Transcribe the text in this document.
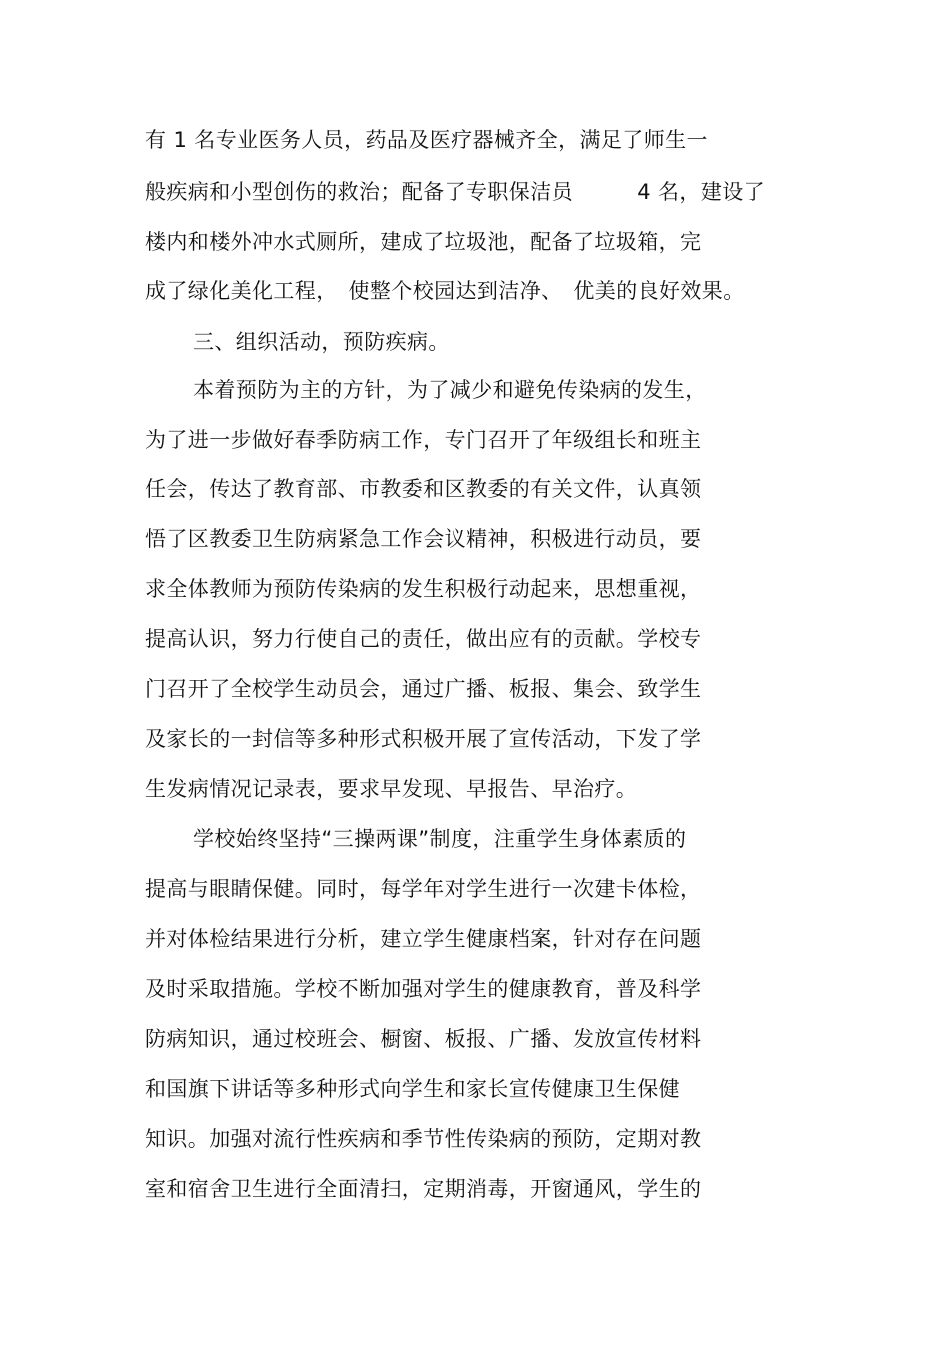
有 1 名专业医务人员，药品及医疗器械齐全，满足了师生一
般疾病和小型创伤的救治；配备了专职保洁员　　　4 名，建设了
楼内和楼外冲水式厕所，建成了垃圾池，配备了垃圾箱，完
成了绿化美化工程，　使整个校园达到洁净、　优美的良好效果。
三、组织活动，预防疾病。
本着预防为主的方针，为了减少和避免传染病的发生，
为了进一步做好春季防病工作，专门召开了年级组长和班主
任会，传达了教育部、市教委和区教委的有关文件，认真领
悟了区教委卫生防病紧急工作会议精神，积极进行动员，要
求全体教师为预防传染病的发生积极行动起来，思想重视，
提高认识，努力行使自己的责任，做出应有的贡献。学校专
门召开了全校学生动员会，通过广播、板报、集会、致学生
及家长的一封信等多种形式积极开展了宣传活动，下发了学
生发病情况记录表，要求早发现、早报告、早治疗。
学校始终坚持“三操两课”制度，注重学生身体素质的
提高与眼睛保健。同时，每学年对学生进行一次建卡体检，
并对体检结果进行分析，建立学生健康档案，针对存在问题
及时采取措施。学校不断加强对学生的健康教育，普及科学
防病知识，通过校班会、橱窗、板报、广播、发放宣传材料
和国旗下讲话等多种形式向学生和家长宣传健康卫生保健
知识。加强对流行性疾病和季节性传染病的预防，定期对教
室和宿舍卫生进行全面清扫，定期消毒，开窗通风，学生的
